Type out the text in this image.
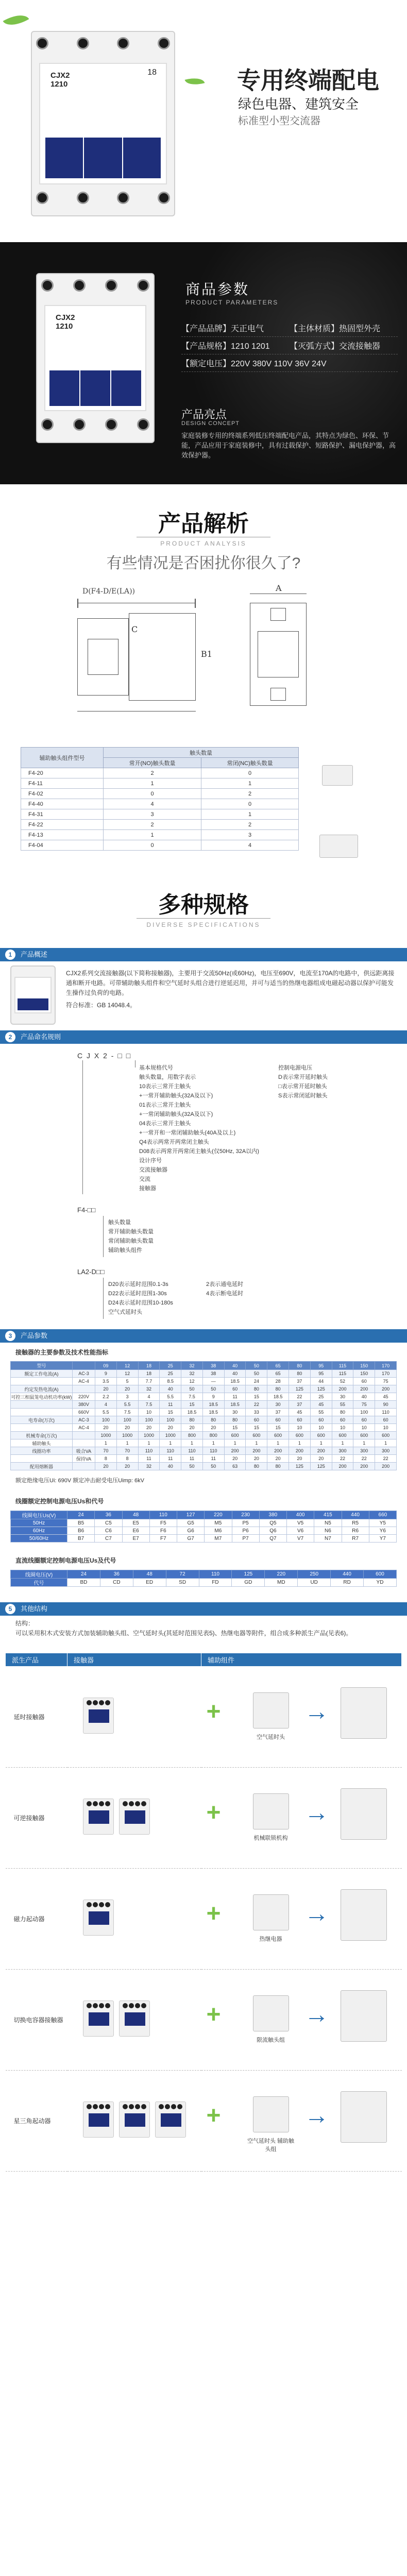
CJX2
1210
18	专用终端配电
绿色电器、建筑安全
标准型小型交流器
CJX2
1210
商品参数
PRODUCT PARAMETERS
【产品品牌】天正电气	【主体材质】热固型外壳
【产品规格】1210 1201	【灭弧方式】交流接触器
【额定电压】220V 380V 110V 36V 24V
产品亮点
DESIGN CONCEPT
家庭装修专用的终端系列低压终端配电产品，其特点为绿色、环保、节能，产品应用于家庭装修中，具有过载保护、短路保护、漏电保护器，高效保护器。
产品解析
PRODUCT ANALYSIS
有些情况是否困扰你很久了?
D(F4-D/E(LA))
C
B1
A
辅助触头组件型号	触头数量	
	常开(NO)触头数量	常闭(NC)触头数量
F4-20	2	0
F4-11	1	1
F4-02	0	2
F4-40	4	0
F4-31	3	1
F4-22	2	2
F4-13	1	3
F4-04	0	4
多种规格
DIVERSE SPECIFICATIONS
1	产品概述
CJX2系列交流接触器(以下简称接触器)，主要用于交流50Hz(或60Hz)，电压至690V，电流至170A的电路中，供远距离接通和断开电路。可带辅助触头组件和空气延时头组合进行逆延迟用，并可与适当的热继电器组成电磁起动器以保护可能发生操作过负荷的电路。
符合标准：GB 14048.4。
2	产品命名规则
C J X 2 - □ □
基本规格代号
触头数量，用数字表示
10表示三常开主触头
+一常开辅助触头(32A及以下)
01表示三常开主触头
+一常闭辅助触头(32A及以下)
04表示三常开主触头
+一常开和一常闭辅助触头(40A及以上)
Q4表示两常开两常闭主触头
D08表示两常开两常闭主触头(仅50Hz, 32A以内)
设计序号
交流接触器
交流
接触器
控制电源电压
D表示常开延时触头
□表示常开延时触头
S表示常闭延时触头
F4-□□
触头数量
常开辅助触头数量
常闭辅助触头数量
辅助触头组件
LA2-D□□
D20表示延时范围0.1-3s
D22表示延时范围1-30s
D24表示延时范围10-180s
空气式延时头
2表示通电延时
4表示断电延时
3	产品参数
接触器的主要参数及技术性能指标
型号		09	12	18	25	32	38	40	50	65	80	95	115	150	170
额定工作电流(A)	AC-3	9	12	18	25	32	38	40	50	65	80	95	115	150	170
	AC-4	3.5	5	7.7	8.5	12	—	18.5	24	28	37	44	52	60	75
约定发热电流(A)		20	20	32	40	50	50	60	80	80	125	125	200	200	200
可控三相鼠笼电动机功率(kW)	220V	2.2	3	4	5.5	7.5	9	11	15	18.5	22	25	30	40	45
	380V	4	5.5	7.5	11	15	18.5	18.5	22	30	37	45	55	75	90
	660V	5.5	7.5	10	15	18.5	18.5	30	33	37	45	55	80	100	110
电寿命(万次)	AC-3	100	100	100	100	80	80	80	60	60	60	60	60	60	60
	AC-4	20	20	20	20	20	20	15	15	15	10	10	10	10	10
机械寿命(万次)		1000	1000	1000	1000	800	800	600	600	600	600	600	600	600	600
辅助触头		1	1	1	1	1	1	1	1	1	1	1	1	1	1
线圈功率	吸合VA	70	70	110	110	110	110	200	200	200	200	200	300	300	300
	保持VA	8	8	11	11	11	11	20	20	20	20	20	22	22	22
配用熔断器		20	20	32	40	50	50	63	80	80	125	125	200	200	200
额定绝缘电压Ui: 690V 额定冲击耐受电压Uimp: 6kV
线圈额定控制电源电压Us和代号
线圈电压Us(V)	24	36	48	110	127	220	230	380	400	415	440	660
50Hz	B5	C5	E5	F5	G5	M5	P5	Q5	V5	N5	R5	Y5
60Hz	B6	C6	E6	F6	G6	M6	P6	Q6	V6	N6	R6	Y6
50/60Hz	B7	C7	E7	F7	G7	M7	P7	Q7	V7	N7	R7	Y7
直流线圈额定控制电源电压Us及代号
线圈电压(V)	24	36	48	72	110	125	220	250	440	600
代号	BD	CD	ED	SD	FD	GD	MD	UD	RD	YD
5	其他结构
结构：
可以采用积木式安装方式加装辅助触头组、空气延时头(其延时范围见表5)、热继电器等附件，组合成多种派生产品(见表6)。
派生产品	接触器	辅助组件

延时接触器		+
空气延时头
→

可逆接触器		+
机械联锁机构
→

磁力起动器		+
热继电器
→

切换电容器接触器		+
限流触头组
→

星三角起动器		+
空气延时头 辅助触头组
→
